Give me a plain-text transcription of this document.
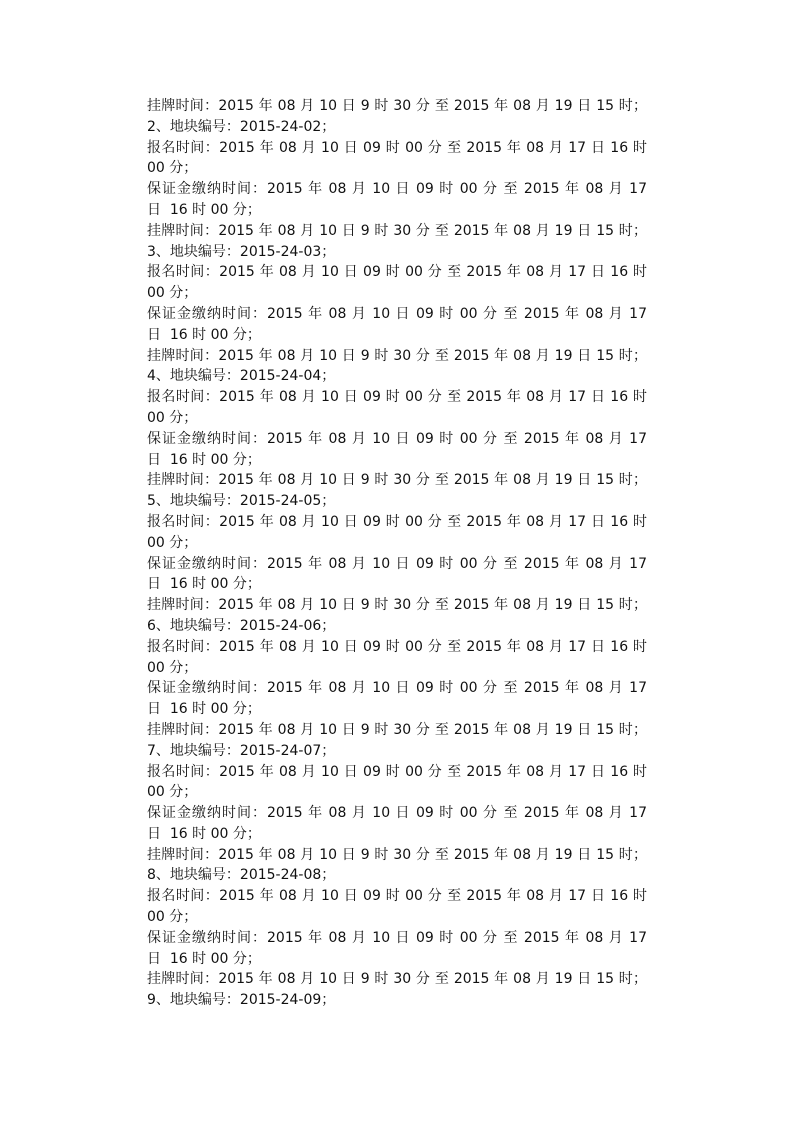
挂牌时间：2015 年 08 月 10 日 9 时 30 分 至 2015 年 08 月 19 日 15 时；
2、地块编号：2015-24-02；
报名时间：2015 年 08 月 10 日 09 时 00 分 至 2015 年 08 月 17 日 16 时
00 分；
保证金缴纳时间：2015 年 08 月 10 日 09 时 00 分 至 2015 年 08 月 17
日  16 时 00 分；
挂牌时间：2015 年 08 月 10 日 9 时 30 分 至 2015 年 08 月 19 日 15 时；
3、地块编号：2015-24-03；
报名时间：2015 年 08 月 10 日 09 时 00 分 至 2015 年 08 月 17 日 16 时
00 分；
保证金缴纳时间：2015 年 08 月 10 日 09 时 00 分 至 2015 年 08 月 17
日  16 时 00 分；
挂牌时间：2015 年 08 月 10 日 9 时 30 分 至 2015 年 08 月 19 日 15 时；
4、地块编号：2015-24-04；
报名时间：2015 年 08 月 10 日 09 时 00 分 至 2015 年 08 月 17 日 16 时
00 分；
保证金缴纳时间：2015 年 08 月 10 日 09 时 00 分 至 2015 年 08 月 17
日  16 时 00 分；
挂牌时间：2015 年 08 月 10 日 9 时 30 分 至 2015 年 08 月 19 日 15 时；
5、地块编号：2015-24-05；
报名时间：2015 年 08 月 10 日 09 时 00 分 至 2015 年 08 月 17 日 16 时
00 分；
保证金缴纳时间：2015 年 08 月 10 日 09 时 00 分 至 2015 年 08 月 17
日  16 时 00 分；
挂牌时间：2015 年 08 月 10 日 9 时 30 分 至 2015 年 08 月 19 日 15 时；
6、地块编号：2015-24-06；
报名时间：2015 年 08 月 10 日 09 时 00 分 至 2015 年 08 月 17 日 16 时
00 分；
保证金缴纳时间：2015 年 08 月 10 日 09 时 00 分 至 2015 年 08 月 17
日  16 时 00 分；
挂牌时间：2015 年 08 月 10 日 9 时 30 分 至 2015 年 08 月 19 日 15 时；
7、地块编号：2015-24-07；
报名时间：2015 年 08 月 10 日 09 时 00 分 至 2015 年 08 月 17 日 16 时
00 分；
保证金缴纳时间：2015 年 08 月 10 日 09 时 00 分 至 2015 年 08 月 17
日  16 时 00 分；
挂牌时间：2015 年 08 月 10 日 9 时 30 分 至 2015 年 08 月 19 日 15 时；
8、地块编号：2015-24-08；
报名时间：2015 年 08 月 10 日 09 时 00 分 至 2015 年 08 月 17 日 16 时
00 分；
保证金缴纳时间：2015 年 08 月 10 日 09 时 00 分 至 2015 年 08 月 17
日  16 时 00 分；
挂牌时间：2015 年 08 月 10 日 9 时 30 分 至 2015 年 08 月 19 日 15 时；
9、地块编号：2015-24-09；
